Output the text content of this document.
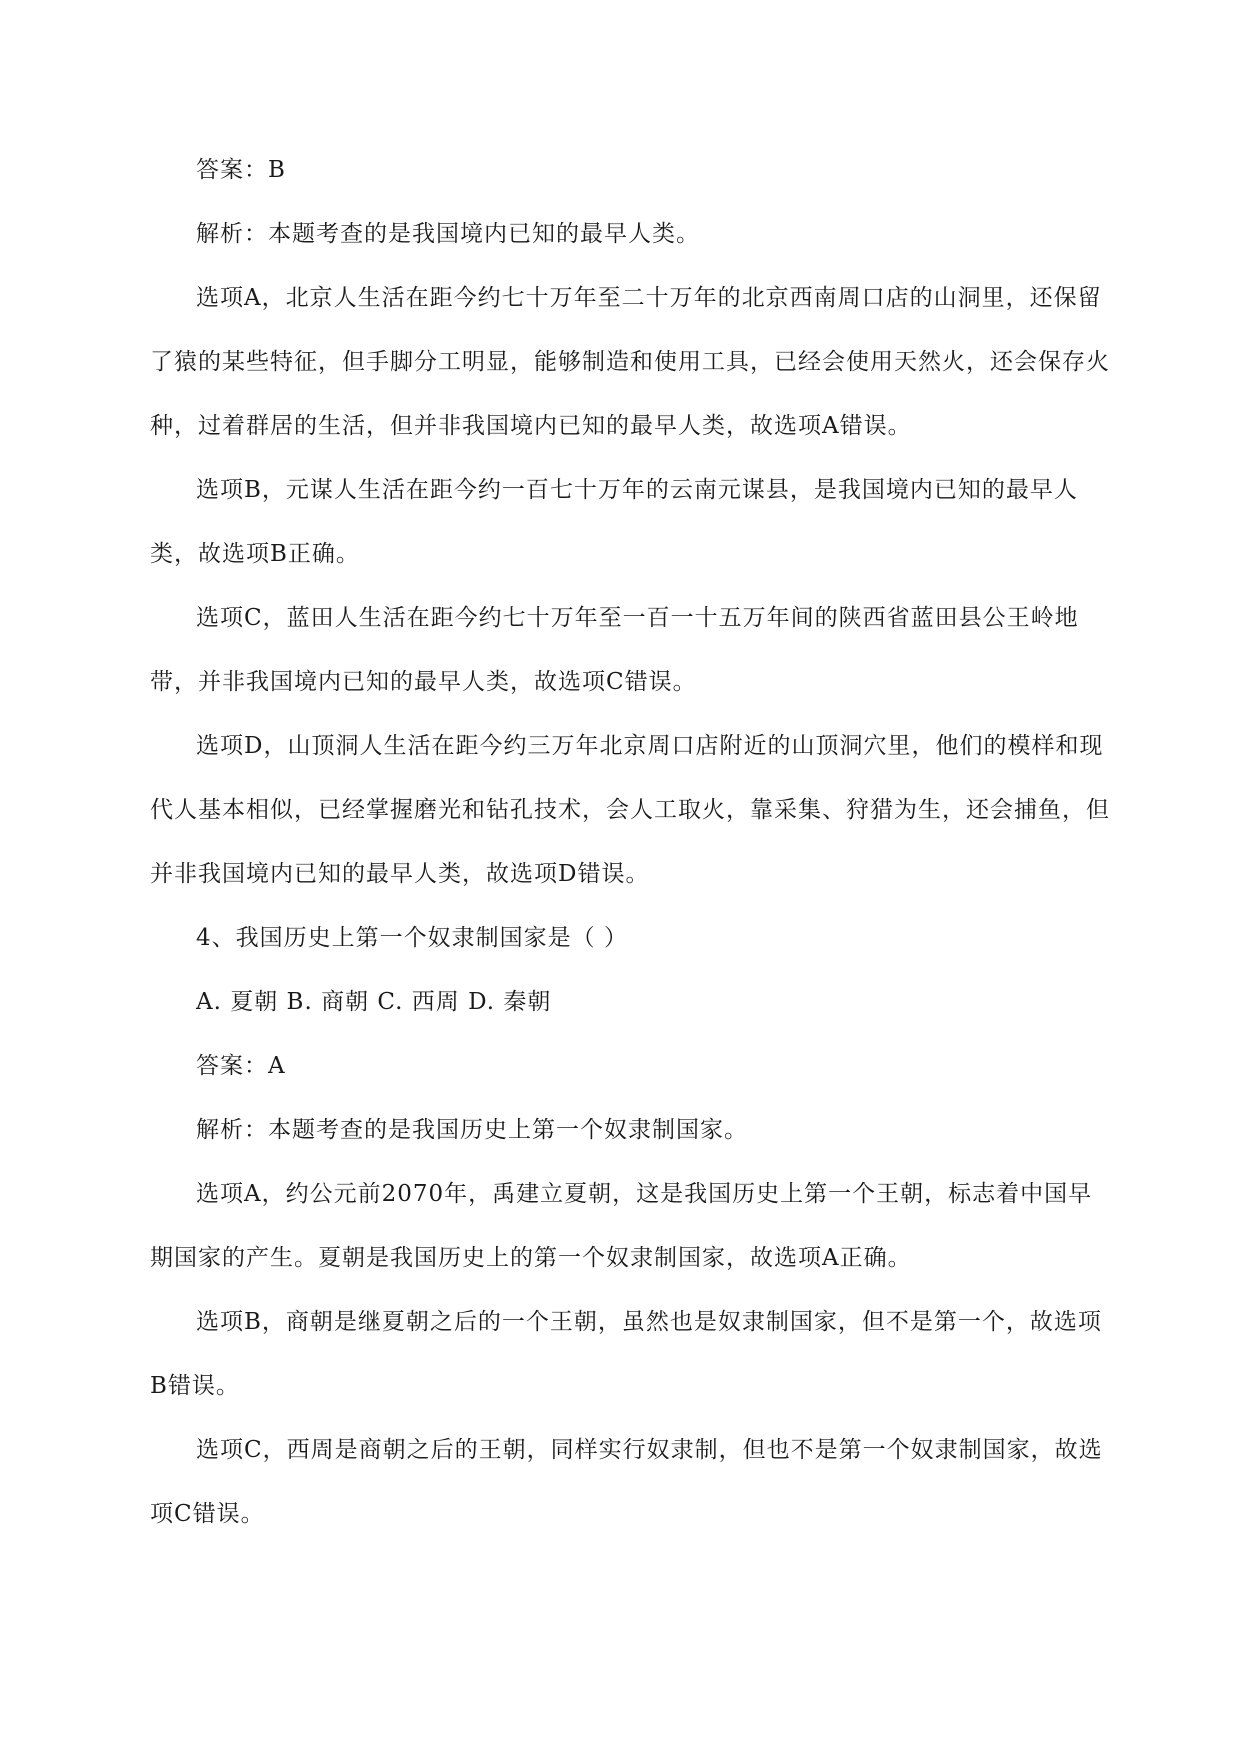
答案：B

解析：本题考查的是我国境内已知的最早人类。

选项A，北京人生活在距今约七十万年至二十万年的北京西南周口店的山洞里，还保留了猿的某些特征，但手脚分工明显，能够制造和使用工具，已经会使用天然火，还会保存火种，过着群居的生活，但并非我国境内已知的最早人类，故选项A错误。

选项B，元谋人生活在距今约一百七十万年的云南元谋县，是我国境内已知的最早人类，故选项B正确。

选项C，蓝田人生活在距今约七十万年至一百一十五万年间的陕西省蓝田县公王岭地带，并非我国境内已知的最早人类，故选项C错误。

选项D，山顶洞人生活在距今约三万年北京周口店附近的山顶洞穴里，他们的模样和现代人基本相似，已经掌握磨光和钻孔技术，会人工取火，靠采集、狩猎为生，还会捕鱼，但并非我国境内已知的最早人类，故选项D错误。

4、我国历史上第一个奴隶制国家是（ ）

A. 夏朝 B. 商朝 C. 西周 D. 秦朝

答案：A

解析：本题考查的是我国历史上第一个奴隶制国家。

选项A，约公元前2070年，禹建立夏朝，这是我国历史上第一个王朝，标志着中国早期国家的产生。夏朝是我国历史上的第一个奴隶制国家，故选项A正确。

选项B，商朝是继夏朝之后的一个王朝，虽然也是奴隶制国家，但不是第一个，故选项B错误。

选项C，西周是商朝之后的王朝，同样实行奴隶制，但也不是第一个奴隶制国家，故选项C错误。
